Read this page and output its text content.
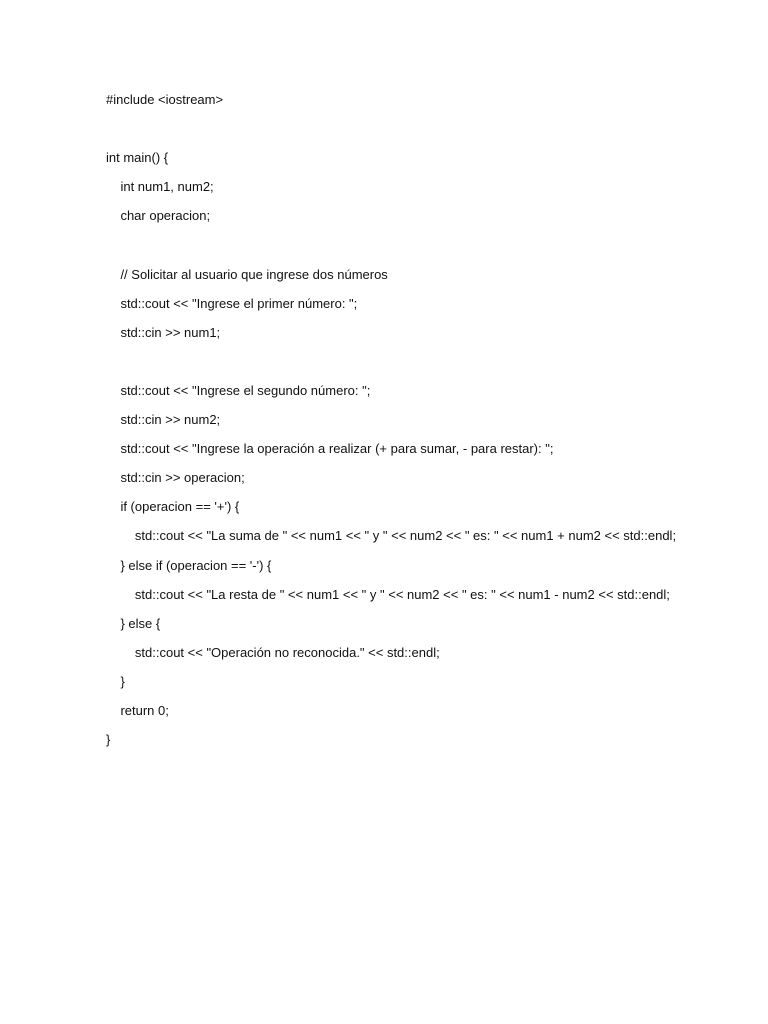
#include <iostream>
int main() {
int num1, num2;
char operacion;
// Solicitar al usuario que ingrese dos números
std::cout << "Ingrese el primer número: ";
std::cin >> num1;
std::cout << "Ingrese el segundo número: ";
std::cin >> num2;
std::cout << "Ingrese la operación a realizar (+ para sumar, - para restar): ";
std::cin >> operacion;
if (operacion == '+') {
std::cout << "La suma de " << num1 << " y " << num2 << " es: " << num1 + num2 << std::endl;
} else if (operacion == '-') {
std::cout << "La resta de " << num1 << " y " << num2 << " es: " << num1 - num2 << std::endl;
} else {
std::cout << "Operación no reconocida." << std::endl;
}
return 0;
}
